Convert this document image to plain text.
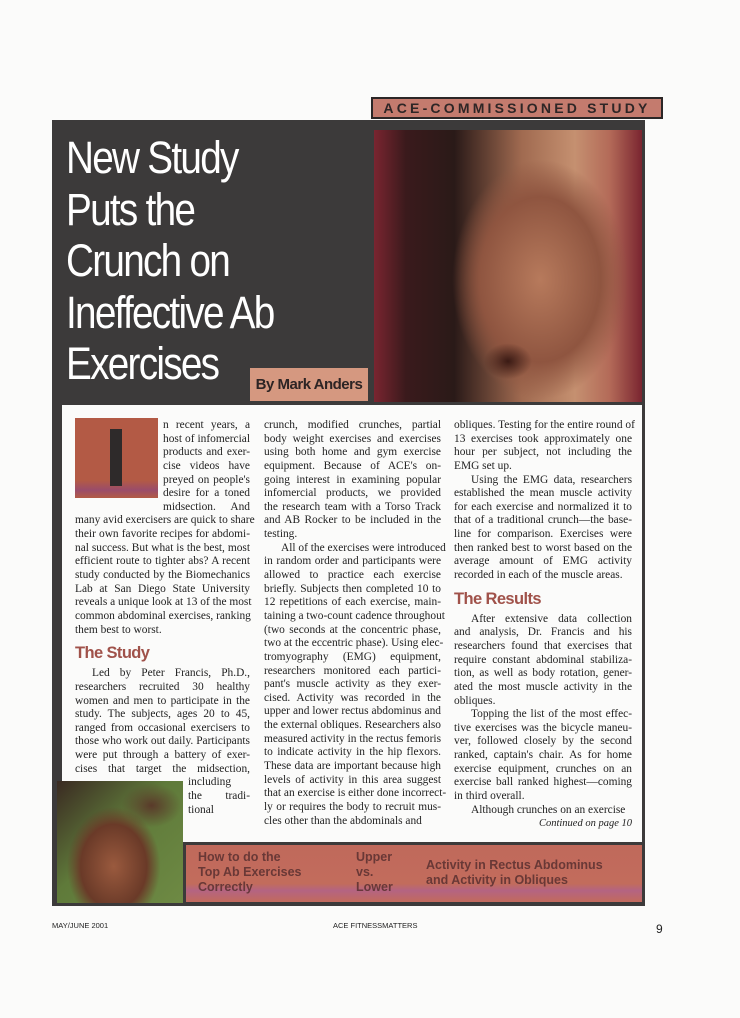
ACE-COMMISSIONED STUDY
New Study
Puts the
Crunch on
Ineffective Ab
Exercises	By Mark Anders
n recent years, a
host of infomercial
products and exer-
cise videos have
preyed on people's
desire for a toned
midsection. And
many avid exercisers are quick to share
their own favorite recipes for abdomi-
nal success. But what is the best, most
efficient route to tighter abs? A recent
study conducted by the Biomechanics
Lab at San Diego State University
reveals a unique look at 13 of the most
common abdominal exercises, ranking
them best to worst.
The Study
Led by Peter Francis, Ph.D.,
researchers recruited 30 healthy
women and men to participate in the
study. The subjects, ages 20 to 45,
ranged from occasional exercisers to
those who work out daily. Participants
were put through a battery of exer-
cises that target the midsection,
including
the tradi-
tional
crunch, modified crunches, partial
body weight exercises and exercises
using both home and gym exercise
equipment. Because of ACE's on-
going interest in examining popular
infomercial products, we provided
the research team with a Torso Track
and AB Rocker to be included in the
testing.
All of the exercises were introduced
in random order and participants were
allowed to practice each exercise
briefly. Subjects then completed 10 to
12 repetitions of each exercise, main-
taining a two-count cadence throughout
(two seconds at the concentric phase,
two at the eccentric phase). Using elec-
tromyography (EMG) equipment,
researchers monitored each partici-
pant's muscle activity as they exer-
cised. Activity was recorded in the
upper and lower rectus abdominus and
the external obliques. Researchers also
measured activity in the rectus femoris
to indicate activity in the hip flexors.
These data are important because high
levels of activity in this area suggest
that an exercise is either done incorrect-
ly or requires the body to recruit mus-
cles other than the abdominals and
obliques. Testing for the entire round of
13 exercises took approximately one
hour per subject, not including the
EMG set up.
Using the EMG data, researchers
established the mean muscle activity
for each exercise and normalized it to
that of a traditional crunch—the base-
line for comparison. Exercises were
then ranked best to worst based on the
average amount of EMG activity
recorded in each of the muscle areas.
The Results
After extensive data collection
and analysis, Dr. Francis and his
researchers found that exercises that
require constant abdominal stabiliza-
tion, as well as body rotation, gener-
ated the most muscle activity in the
obliques.
Topping the list of the most effec-
tive exercises was the bicycle maneu-
ver, followed closely by the second
ranked, captain's chair. As for home
exercise equipment, crunches on an
exercise ball ranked highest—coming
in third overall.
Although crunches on an exercise
Continued on page 10
How to do the
Top Ab Exercises
Correctly
Upper
vs.
Lower
Activity in Rectus Abdominus
and Activity in Obliques
MAY/JUNE 2001	ACE FITNESSMATTERS	9
